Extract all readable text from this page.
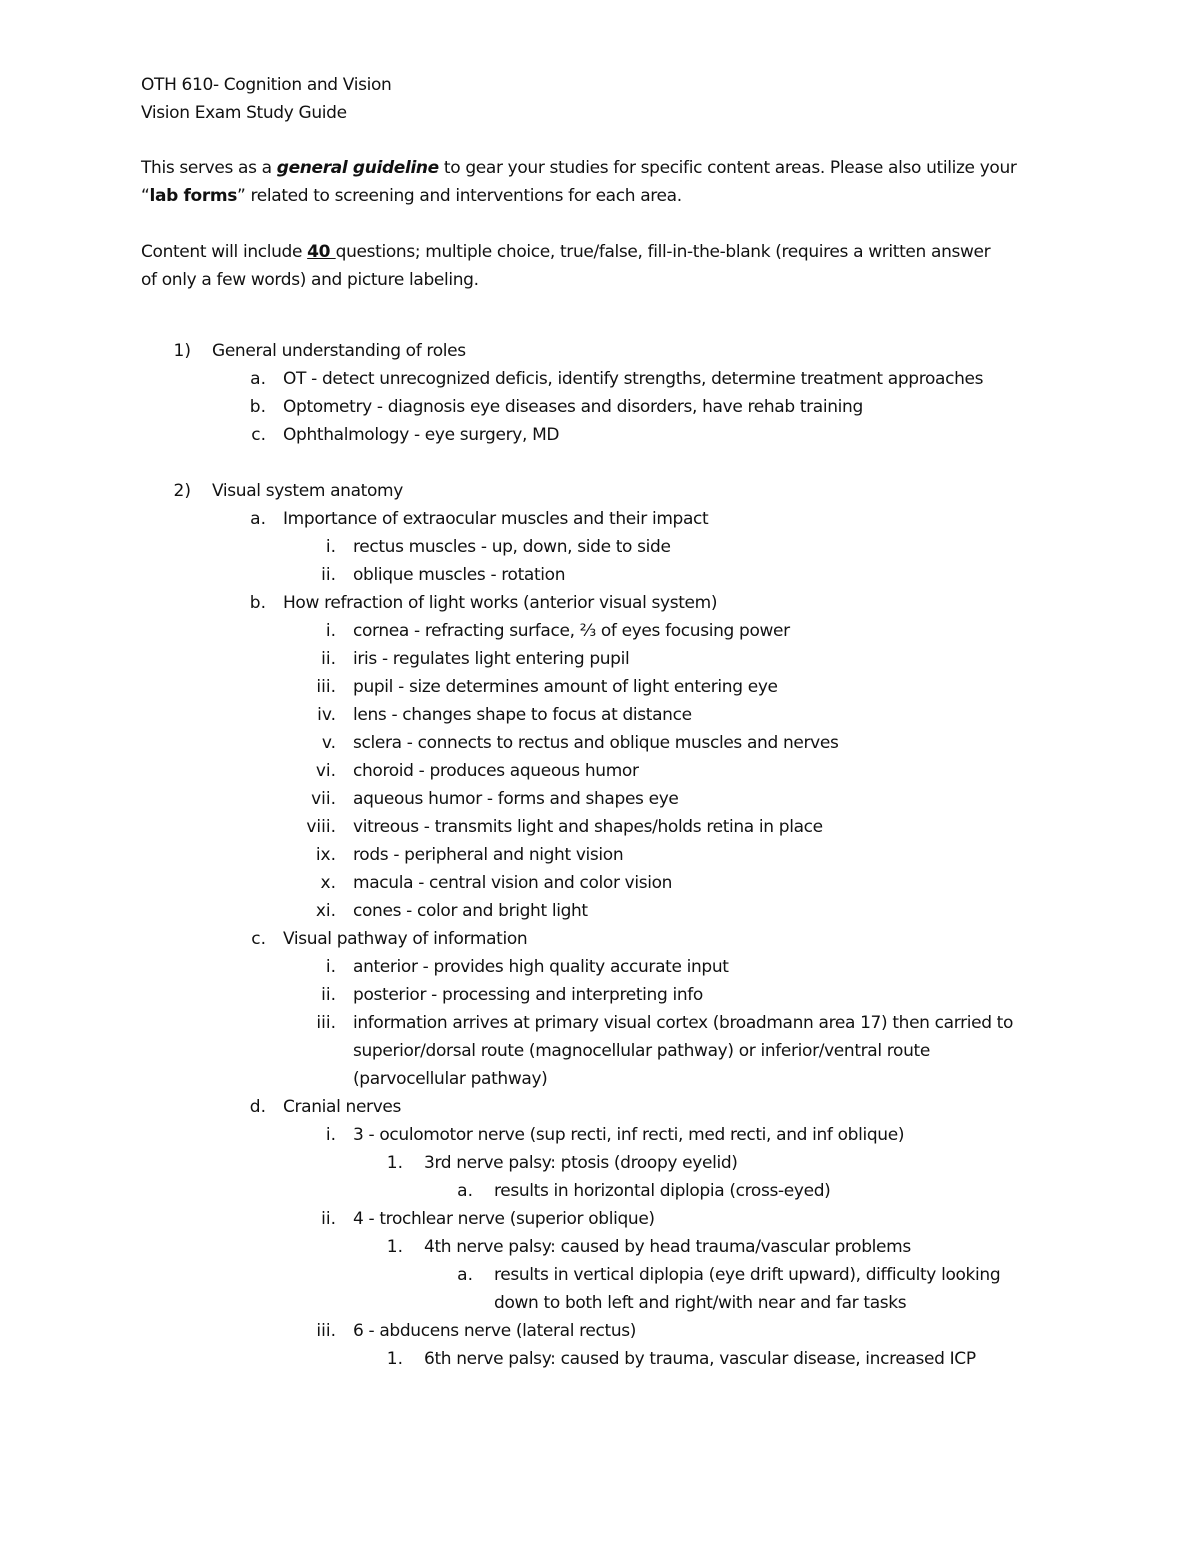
OTH 610- Cognition and Vision
Vision Exam Study Guide
This serves as a general guideline to gear your studies for specific content areas. Please also utilize your
“lab forms” related to screening and interventions for each area.
Content will include 40 questions; multiple choice, true/false, fill-in-the-blank (requires a written answer
of only a few words) and picture labeling.
1) General understanding of roles
a. OT - detect unrecognized deficis, identify strengths, determine treatment approaches
b. Optometry - diagnosis eye diseases and disorders, have rehab training
c. Ophthalmology - eye surgery, MD
2) Visual system anatomy
a. Importance of extraocular muscles and their impact
i. rectus muscles - up, down, side to side
ii. oblique muscles - rotation
b. How refraction of light works (anterior visual system)
i. cornea - refracting surface, ⅔ of eyes focusing power
ii. iris - regulates light entering pupil
iii. pupil - size determines amount of light entering eye
iv. lens - changes shape to focus at distance
v. sclera - connects to rectus and oblique muscles and nerves
vi. choroid - produces aqueous humor
vii. aqueous humor - forms and shapes eye
viii. vitreous - transmits light and shapes/holds retina in place
ix. rods - peripheral and night vision
x. macula - central vision and color vision
xi. cones - color and bright light
c. Visual pathway of information
i. anterior - provides high quality accurate input
ii. posterior - processing and interpreting info
iii. information arrives at primary visual cortex (broadmann area 17) then carried to
superior/dorsal route (magnocellular pathway) or inferior/ventral route
(parvocellular pathway)
d. Cranial nerves
i. 3 - oculomotor nerve (sup recti, inf recti, med recti, and inf oblique)
1. 3rd nerve palsy: ptosis (droopy eyelid)
a. results in horizontal diplopia (cross-eyed)
ii. 4 - trochlear nerve (superior oblique)
1. 4th nerve palsy: caused by head trauma/vascular problems
a. results in vertical diplopia (eye drift upward), difficulty looking
down to both left and right/with near and far tasks
iii. 6 - abducens nerve (lateral rectus)
1. 6th nerve palsy: caused by trauma, vascular disease, increased ICP
